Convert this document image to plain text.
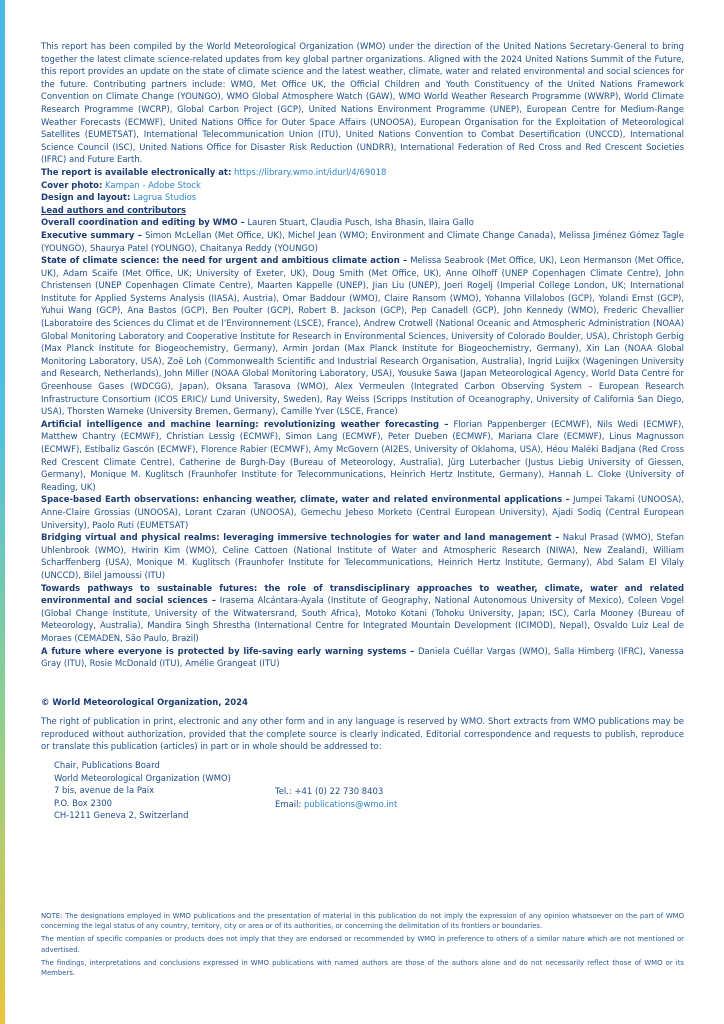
This report has been compiled by the World Meteorological Organization (WMO) under the direction of the United Nations Secretary-General to bring together the latest climate science-related updates from key global partner organizations. Aligned with the 2024 United Nations Summit of the Future, this report provides an update on the state of climate science and the latest weather, climate, water and related environmental and social sciences for the future. Contributing partners include: WMO, Met Office UK, the Official Children and Youth Constituency of the United Nations Framework Convention on Climate Change (YOUNGO), WMO Global Atmosphere Watch (GAW), WMO World Weather Research Programme (WWRP), World Climate Research Programme (WCRP), Global Carbon Project (GCP), United Nations Environment Programme (UNEP), European Centre for Medium-Range Weather Forecasts (ECMWF), United Nations Office for Outer Space Affairs (UNOOSA), European Organisation for the Exploitation of Meteorological Satellites (EUMETSAT), International Telecommunication Union (ITU), United Nations Convention to Combat Desertification (UNCCD), International Science Council (ISC), United Nations Office for Disaster Risk Reduction (UNDRR), International Federation of Red Cross and Red Crescent Societies (IFRC) and Future Earth.

The report is available electronically at: https://library.wmo.int/idurl/4/69018

Cover photo: Kampan - Adobe Stock

Design and layout: Lagrua Studios

Lead authors and contributors

Overall coordination and editing by WMO – Lauren Stuart, Claudia Pusch, Isha Bhasin, Ilaira Gallo

Executive summary – Simon McLellan (Met Office, UK), Michel Jean (WMO; Environment and Climate Change Canada), Melissa Jiménez Gómez Tagle (YOUNGO), Shaurya Patel (YOUNGO), Chaitanya Reddy (YOUNGO)

State of climate science: the need for urgent and ambitious climate action – Melissa Seabrook (Met Office, UK), Leon Hermanson (Met Office, UK), Adam Scaife (Met Office, UK; University of Exeter, UK), Doug Smith (Met Office, UK), Anne Olhoff (UNEP Copenhagen Climate Centre), John Christensen (UNEP Copenhagen Climate Centre), Maarten Kappelle (UNEP), Jian Liu (UNEP), Joeri Rogelj (Imperial College London, UK; International Institute for Applied Systems Analysis (IIASA), Austria), Omar Baddour (WMO), Claire Ransom (WMO), Yohanna Villalobos (GCP), Yolandi Ernst (GCP), Yuhui Wang (GCP), Ana Bastos (GCP), Ben Poulter (GCP), Robert B. Jackson (GCP), Pep Canadell (GCP), John Kennedy (WMO), Frederic Chevallier (Laboratoire des Sciences du Climat et de l’Environnement (LSCE), France), Andrew Crotwell (National Oceanic and Atmospheric Administration (NOAA) Global Monitoring Laboratory and Cooperative Institute for Research in Environmental Sciences, University of Colorado Boulder, USA), Christoph Gerbig (Max Planck Institute for Biogeochemistry, Germany), Armin Jordan (Max Planck Institute for Biogeochemistry, Germany), Xin Lan (NOAA Global Monitoring Laboratory, USA), Zoë Loh (Commonwealth Scientific and Industrial Research Organisation, Australia), Ingrid Luijkx (Wageningen University and Research, Netherlands), John Miller (NOAA Global Monitoring Laboratory, USA), Yousuke Sawa (Japan Meteorological Agency, World Data Centre for Greenhouse Gases (WDCGG), Japan), Oksana Tarasova (WMO), Alex Vermeulen (Integrated Carbon Observing System – European Research Infrastructure Consortium (ICOS ERIC)/ Lund University, Sweden), Ray Weiss (Scripps Institution of Oceanography, University of California San Diego, USA), Thorsten Warneke (University Bremen, Germany), Camille Yver (LSCE, France)

Artificial intelligence and machine learning: revolutionizing weather forecasting – Florian Pappenberger (ECMWF), Nils Wedi (ECMWF), Matthew Chantry (ECMWF), Christian Lessig (ECMWF), Simon Lang (ECMWF), Peter Dueben (ECMWF), Mariana Clare (ECMWF), Linus Magnusson (ECMWF), Estíbaliz Gascón (ECMWF), Florence Rabier (ECMWF), Amy McGovern (AI2ES, University of Oklahoma, USA), Héou Maléki Badjana (Red Cross Red Crescent Climate Centre), Catherine de Burgh-Day (Bureau of Meteorology, Australia), Jürg Luterbacher (Justus Liebig University of Giessen, Germany), Monique M. Kuglitsch (Fraunhofer Institute for Telecommunications, Heinrich Hertz Institute, Germany), Hannah L. Cloke (University of Reading, UK)

Space-based Earth observations: enhancing weather, climate, water and related environmental applications – Jumpei Takami (UNOOSA), Anne-Claire Grossias (UNOOSA), Lorant Czaran (UNOOSA), Gemechu Jebeso Morketo (Central European University), Ajadi Sodiq (Central European University), Paolo Ruti (EUMETSAT)

Bridging virtual and physical realms: leveraging immersive technologies for water and land management – Nakul Prasad (WMO), Stefan Uhlenbrook (WMO), Hwirin Kim (WMO), Celine Cattoen (National Institute of Water and Atmospheric Research (NIWA), New Zealand), William Scharffenberg (USA), Monique M. Kuglitsch (Fraunhofer Institute for Telecommunications, Heinrich Hertz Institute, Germany), Abd Salam El Vilaly (UNCCD), Bilel Jamoussi (ITU)

Towards pathways to sustainable futures: the role of transdisciplinary approaches to weather, climate, water and related environmental and social sciences – Irasema Alcántara-Ayala (Institute of Geography, National Autonomous University of Mexico), Coleen Vogel (Global Change Institute, University of the Witwatersrand, South Africa), Motoko Kotani (Tohoku University, Japan; ISC), Carla Mooney (Bureau of Meteorology, Australia), Mandira Singh Shrestha (International Centre for Integrated Mountain Development (ICIMOD), Nepal), Osvaldo Luiz Leal de Moraes (CEMADEN, São Paulo, Brazil)

A future where everyone is protected by life-saving early warning systems – Daniela Cuéllar Vargas (WMO), Salla Himberg (IFRC), Vanessa Gray (ITU), Rosie McDonald (ITU), Amélie Grangeat (ITU)

© World Meteorological Organization, 2024

The right of publication in print, electronic and any other form and in any language is reserved by WMO. Short extracts from WMO publications may be reproduced without authorization, provided that the complete source is clearly indicated. Editorial correspondence and requests to publish, reproduce or translate this publication (articles) in part or in whole should be addressed to:

Chair, Publications Board
World Meteorological Organization (WMO)
7 bis, avenue de la Paix
P.O. Box 2300
CH-1211 Geneva 2, Switzerland
Tel.: +41 (0) 22 730 8403
Email: publications@wmo.int

NOTE: The designations employed in WMO publications and the presentation of material in this publication do not imply the expression of any opinion whatsoever on the part of WMO concerning the legal status of any country, territory, city or area or of its authorities, or concerning the delimitation of its frontiers or boundaries.

The mention of specific companies or products does not imply that they are endorsed or recommended by WMO in preference to others of a similar nature which are not mentioned or advertised.

The findings, interpretations and conclusions expressed in WMO publications with named authors are those of the authors alone and do not necessarily reflect those of WMO or its Members.
